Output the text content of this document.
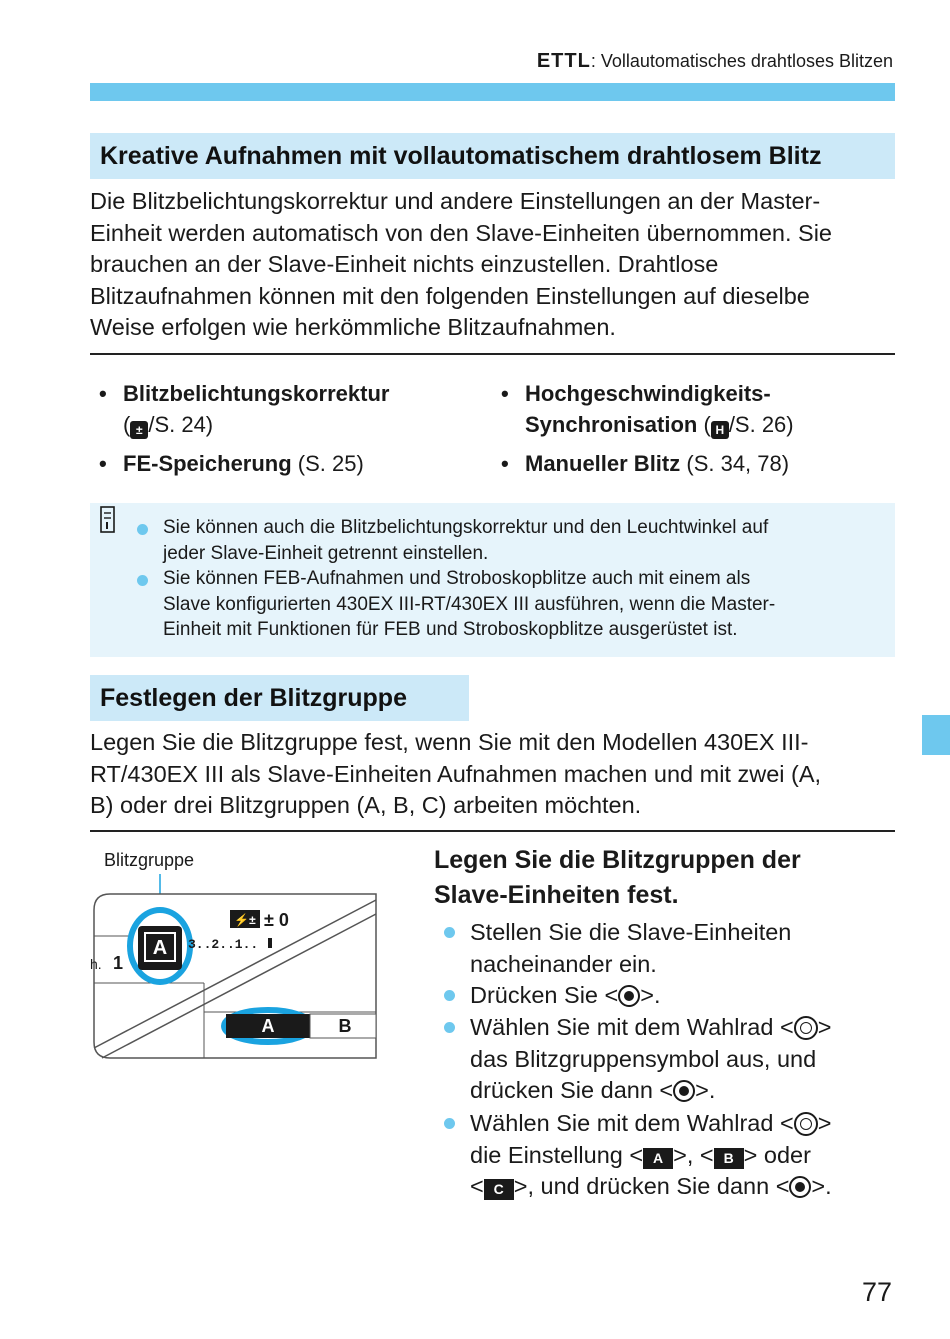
ETTL: Vollautomatisches drahtloses Blitzen
Kreative Aufnahmen mit vollautomatischem drahtlosem Blitz

Die Blitzbelichtungskorrektur und andere Einstellungen an der Master-

Einheit werden automatisch von den Slave-Einheiten übernommen. Sie

brauchen an der Slave-Einheit nichts einzustellen. Drahtlose

Blitzaufnahmen können mit den folgenden Einstellungen auf dieselbe

Weise erfolgen wie herkömmliche Blitzaufnahmen.

• Blitzbelichtungskorrektur
( ± /S. 24)
• FE-Speicherung (S. 25)
• Hochgeschwindigkeits-
Synchronisation ( H /S. 26)
• Manueller Blitz (S. 34, 78)
Sie können auch die Blitzbelichtungskorrektur und den Leuchtwinkel auf
jeder Slave-Einheit getrennt einstellen.
Sie können FEB-Aufnahmen und Stroboskopblitze auch mit einem als
Slave konfigurierten 430EX III-RT/430EX III ausführen, wenn die Master-
Einheit mit Funktionen für FEB und Stroboskopblitze ausgerüstet ist.
Festlegen der Blitzgruppe

Legen Sie die Blitzgruppe fest, wenn Sie mit den Modellen 430EX III-

RT/430EX III als Slave-Einheiten Aufnahmen machen und mit zwei (A,

B) oder drei Blitzgruppen (A, B, C) arbeiten möchten.

Blitzgruppe
A
h. 1
⚡± ± 0
3..2..1..
A	B
Legen Sie die Blitzgruppen der
Slave-Einheiten fest.
Stellen Sie die Slave-Einheiten
nacheinander ein.
Drücken Sie < >.
Wählen Sie mit dem Wahlrad < >
das Blitzgruppensymbol aus, und
drücken Sie dann < >.
Wählen Sie mit dem Wahlrad < >
die Einstellung < A >, < B > oder
< C >, und drücken Sie dann < >.
77
